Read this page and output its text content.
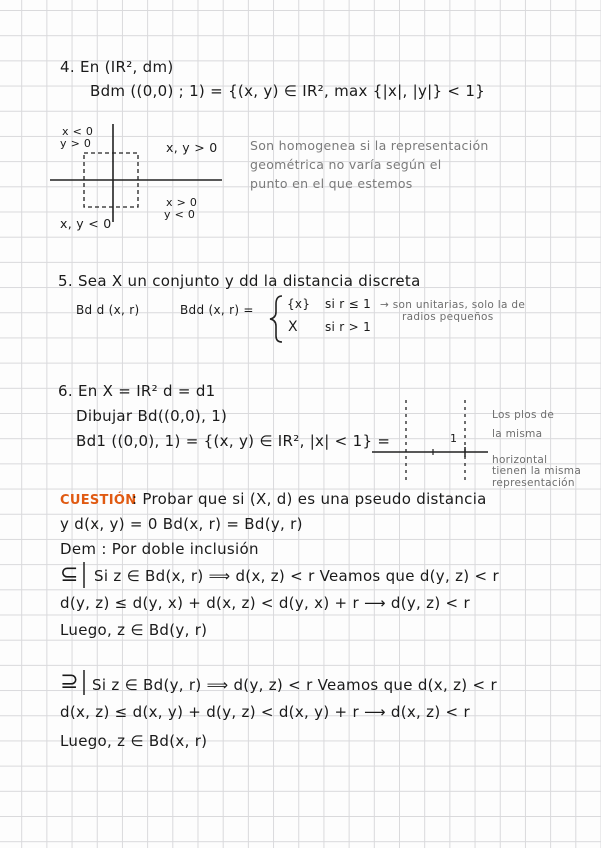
4. En (IR², dm)
Bdm ((0,0) ; 1) = {(x, y) ∈ IR², max {|x|, |y|} < 1}
x < 0
y > 0	x, y > 0
x > 0
y < 0
x, y < 0
Son homogenea si la representación
geométrica no varía según el
punto en el que estemos
5. Sea X un conjunto y dd la distancia discreta
Bd d (x, r)	Bdd (x, r) =	{x} si r ≤ 1
X si r > 1
→ son unitarias, solo la de
radios pequeños
6. En X = IR² d = d1
Dibujar Bd((0,0), 1)
Bd1 ((0,0), 1) = {(x, y) ∈ IR², |x| < 1} =	1
Los plos de
la misma
horizontal
tienen la misma
representación
CUESTIÓN
: Probar que si (X, d) es una pseudo distancia
y d(x, y) = 0 Bd(x, r) = Bd(y, r)
Dem : Por doble inclusión
⊆ Si z ∈ Bd(x, r) ⟹ d(x, z) < r Veamos que d(y, z) < r
d(y, z) ≤ d(y, x) + d(x, z) < d(y, x) + r ⟶ d(y, z) < r
Luego, z ∈ Bd(y, r)
⊇ Si z ∈ Bd(y, r) ⟹ d(y, z) < r Veamos que d(x, z) < r
d(x, z) ≤ d(x, y) + d(y, z) < d(x, y) + r ⟶ d(x, z) < r
Luego, z ∈ Bd(x, r)
